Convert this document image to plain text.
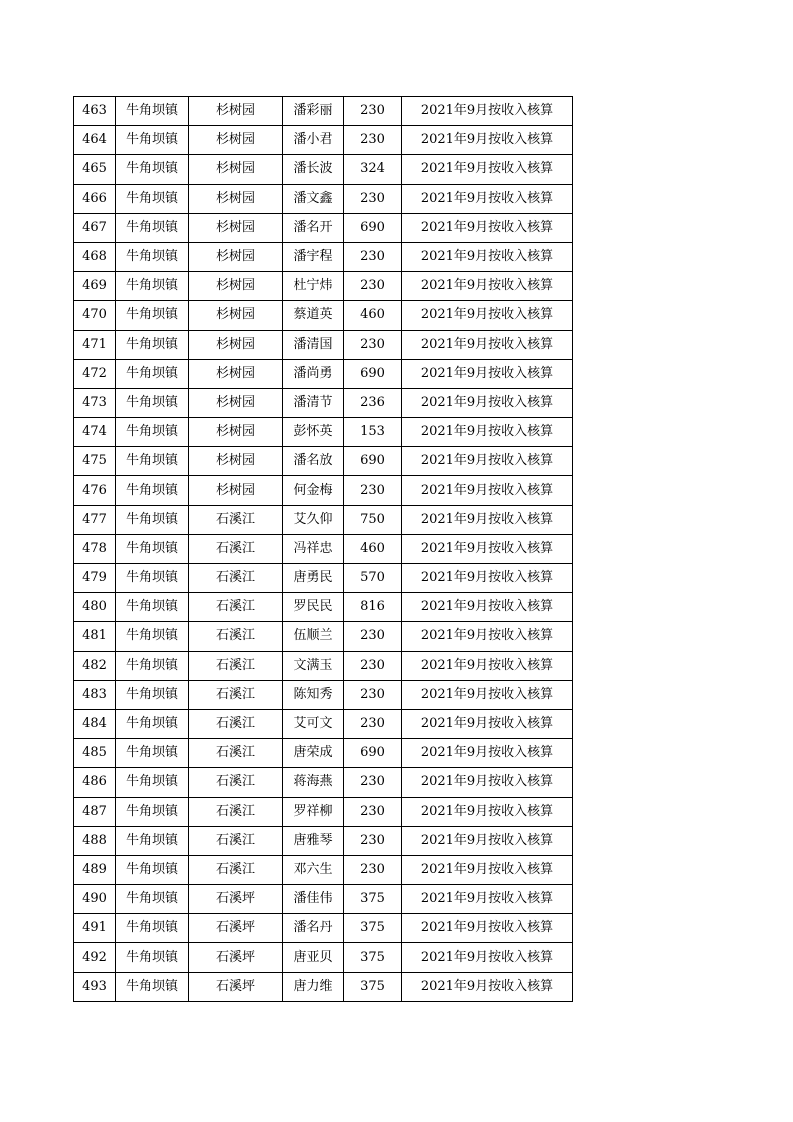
463	牛角坝镇	杉树园	潘彩丽	230	2021年9月按收入核算
464	牛角坝镇	杉树园	潘小君	230	2021年9月按收入核算
465	牛角坝镇	杉树园	潘长波	324	2021年9月按收入核算
466	牛角坝镇	杉树园	潘文鑫	230	2021年9月按收入核算
467	牛角坝镇	杉树园	潘名开	690	2021年9月按收入核算
468	牛角坝镇	杉树园	潘宇程	230	2021年9月按收入核算
469	牛角坝镇	杉树园	杜宁炜	230	2021年9月按收入核算
470	牛角坝镇	杉树园	蔡道英	460	2021年9月按收入核算
471	牛角坝镇	杉树园	潘清国	230	2021年9月按收入核算
472	牛角坝镇	杉树园	潘尚勇	690	2021年9月按收入核算
473	牛角坝镇	杉树园	潘清节	236	2021年9月按收入核算
474	牛角坝镇	杉树园	彭怀英	153	2021年9月按收入核算
475	牛角坝镇	杉树园	潘名放	690	2021年9月按收入核算
476	牛角坝镇	杉树园	何金梅	230	2021年9月按收入核算
477	牛角坝镇	石溪江	艾久仰	750	2021年9月按收入核算
478	牛角坝镇	石溪江	冯祥忠	460	2021年9月按收入核算
479	牛角坝镇	石溪江	唐勇民	570	2021年9月按收入核算
480	牛角坝镇	石溪江	罗民民	816	2021年9月按收入核算
481	牛角坝镇	石溪江	伍顺兰	230	2021年9月按收入核算
482	牛角坝镇	石溪江	文满玉	230	2021年9月按收入核算
483	牛角坝镇	石溪江	陈知秀	230	2021年9月按收入核算
484	牛角坝镇	石溪江	艾可文	230	2021年9月按收入核算
485	牛角坝镇	石溪江	唐荣成	690	2021年9月按收入核算
486	牛角坝镇	石溪江	蒋海燕	230	2021年9月按收入核算
487	牛角坝镇	石溪江	罗祥柳	230	2021年9月按收入核算
488	牛角坝镇	石溪江	唐雅琴	230	2021年9月按收入核算
489	牛角坝镇	石溪江	邓六生	230	2021年9月按收入核算
490	牛角坝镇	石溪坪	潘佳伟	375	2021年9月按收入核算
491	牛角坝镇	石溪坪	潘名丹	375	2021年9月按收入核算
492	牛角坝镇	石溪坪	唐亚贝	375	2021年9月按收入核算
493	牛角坝镇	石溪坪	唐力维	375	2021年9月按收入核算
